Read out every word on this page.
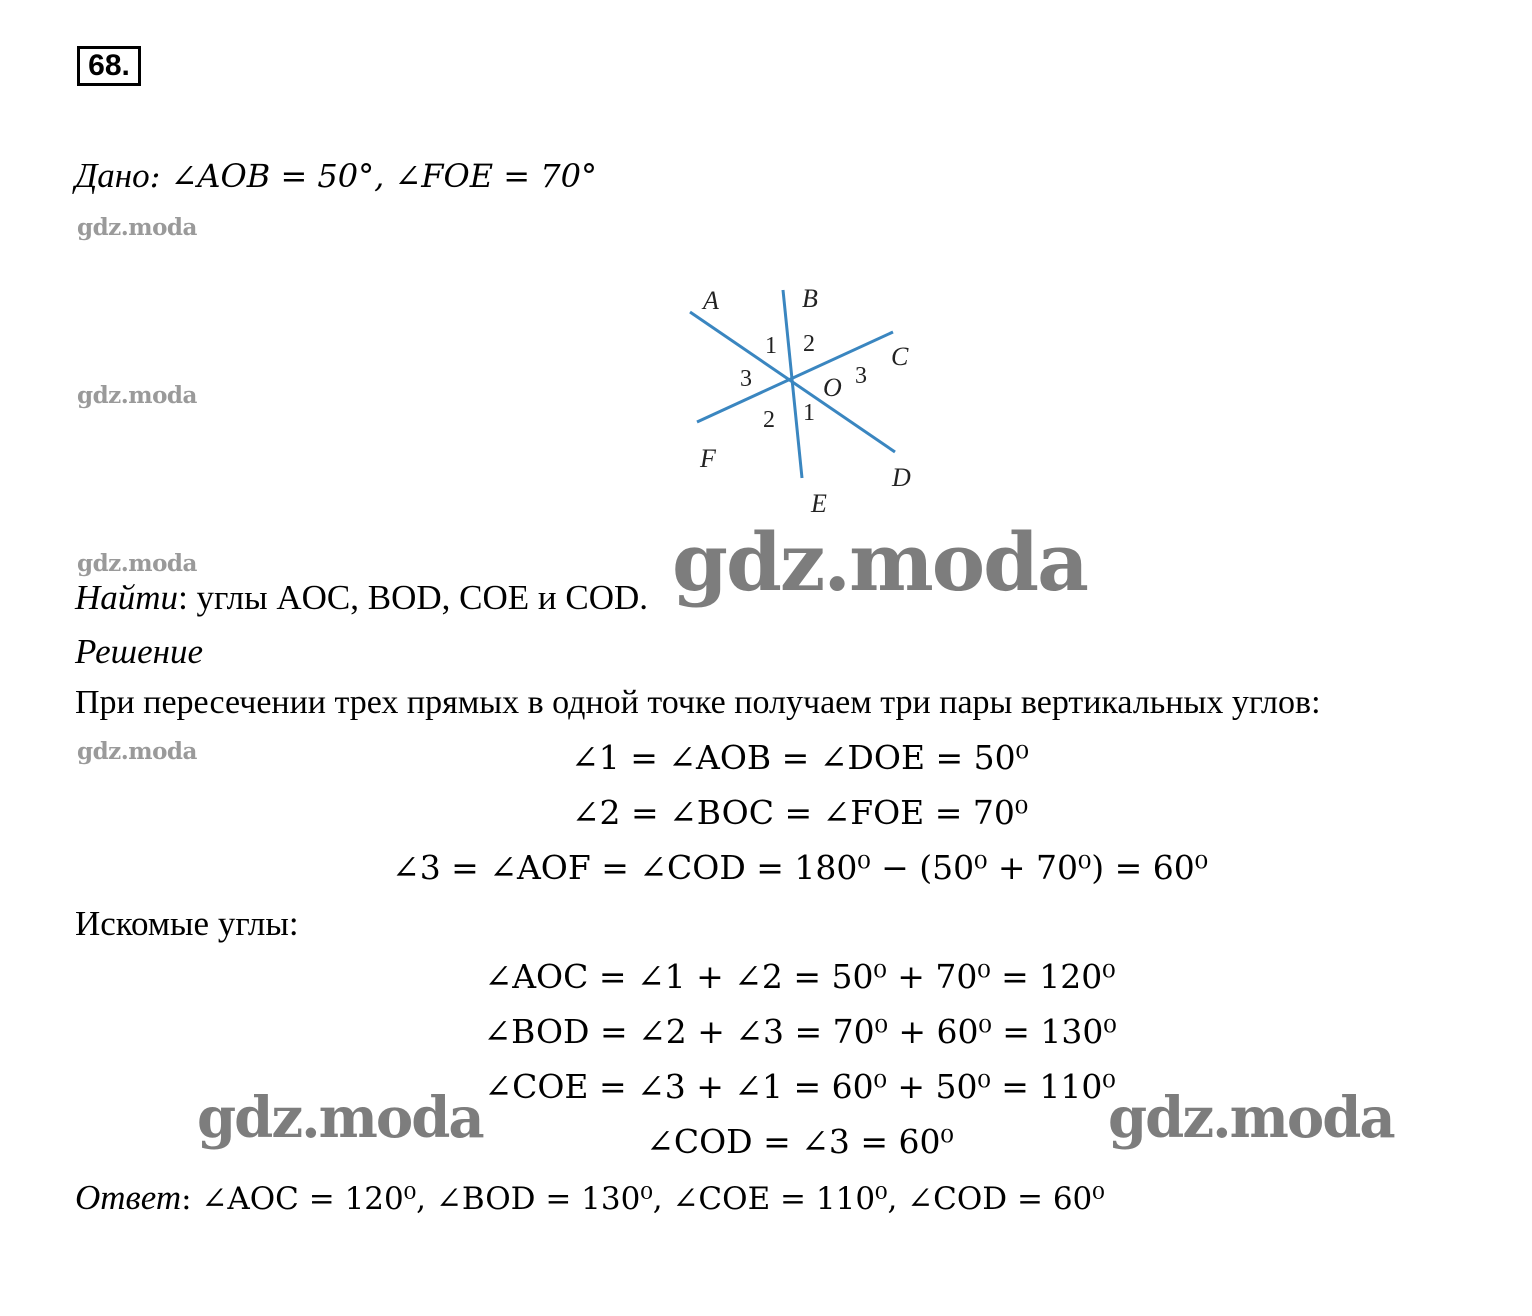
68.
Дано: ∠AOB = 50°, ∠FOE = 70°
gdz.moda
gdz.moda
gdz.moda
gdz.moda
A	B
C
D
E
F
O
1 2
3
3
2 1
gdz.moda
Найти: углы AOC, BOD, COE и COD.
Решение
При пересечении трех прямых в одной точке получаем три пары вертикальных углов:
∠1 = ∠AOB = ∠DOE = 50⁰
∠2 = ∠BOC = ∠FOE = 70⁰
∠3 = ∠AOF = ∠COD = 180⁰ − (50⁰ + 70⁰) = 60⁰
Искомые углы:
∠AOC = ∠1 + ∠2 = 50⁰ + 70⁰ = 120⁰
∠BOD = ∠2 + ∠3 = 70⁰ + 60⁰ = 130⁰
∠COE = ∠3 + ∠1 = 60⁰ + 50⁰ = 110⁰
∠COD = ∠3 = 60⁰
gdz.moda	gdz.moda
Ответ: ∠AOC = 120⁰, ∠BOD = 130⁰, ∠COE = 110⁰, ∠COD = 60⁰
